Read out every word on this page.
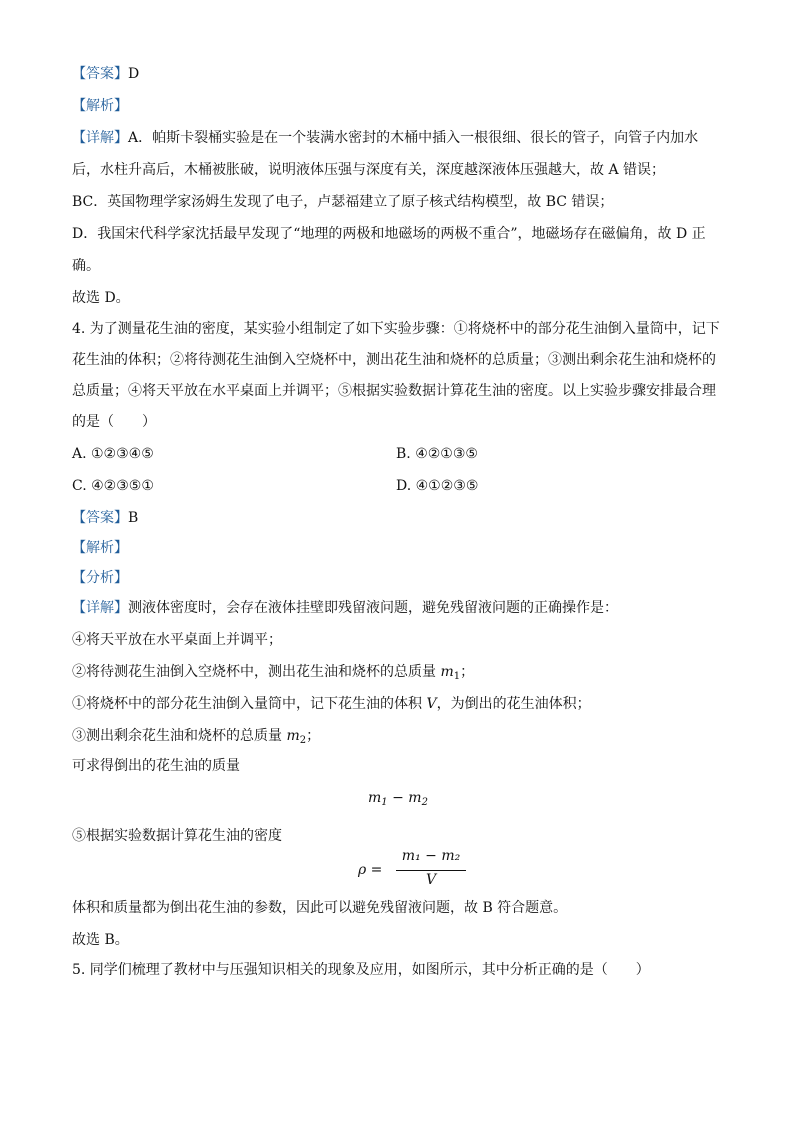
【答案】D
【解析】
【详解】A．帕斯卡裂桶实验是在一个装满水密封的木桶中插入一根很细、很长的管子，向管子内加水
后，水柱升高后，木桶被胀破，说明液体压强与深度有关，深度越深液体压强越大，故 A 错误；
BC．英国物理学家汤姆生发现了电子，卢瑟福建立了原子核式结构模型，故 BC 错误；
D．我国宋代科学家沈括最早发现了“地理的两极和地磁场的两极不重合”，地磁场存在磁偏角，故 D 正
确。
故选 D。
4. 为了测量花生油的密度，某实验小组制定了如下实验步骤：①将烧杯中的部分花生油倒入量筒中，记下
花生油的体积；②将待测花生油倒入空烧杯中，测出花生油和烧杯的总质量；③测出剩余花生油和烧杯的
总质量；④将天平放在水平桌面上并调平；⑤根据实验数据计算花生油的密度。以上实验步骤安排最合理
的是（　　）
A. ①②③④⑤	B. ④②①③⑤
C. ④②③⑤①	D. ④①②③⑤
【答案】B
【解析】
【分析】
【详解】测液体密度时，会存在液体挂壁即残留液问题，避免残留液问题的正确操作是：
④将天平放在水平桌面上并调平；
②将待测花生油倒入空烧杯中，测出花生油和烧杯的总质量 $m_1$；
①将烧杯中的部分花生油倒入量筒中，记下花生油的体积 V，为倒出的花生油体积；
③测出剩余花生油和烧杯的总质量 $m_2$；
可求得倒出的花生油的质量
$m_1 - m_2$
⑤根据实验数据计算花生油的密度
ρ =
m₁ − m₂
V
体积和质量都为倒出花生油的参数，因此可以避免残留液问题，故 B 符合题意。
故选 B。
5. 同学们梳理了教材中与压强知识相关的现象及应用，如图所示，其中分析正确的是（　　）
